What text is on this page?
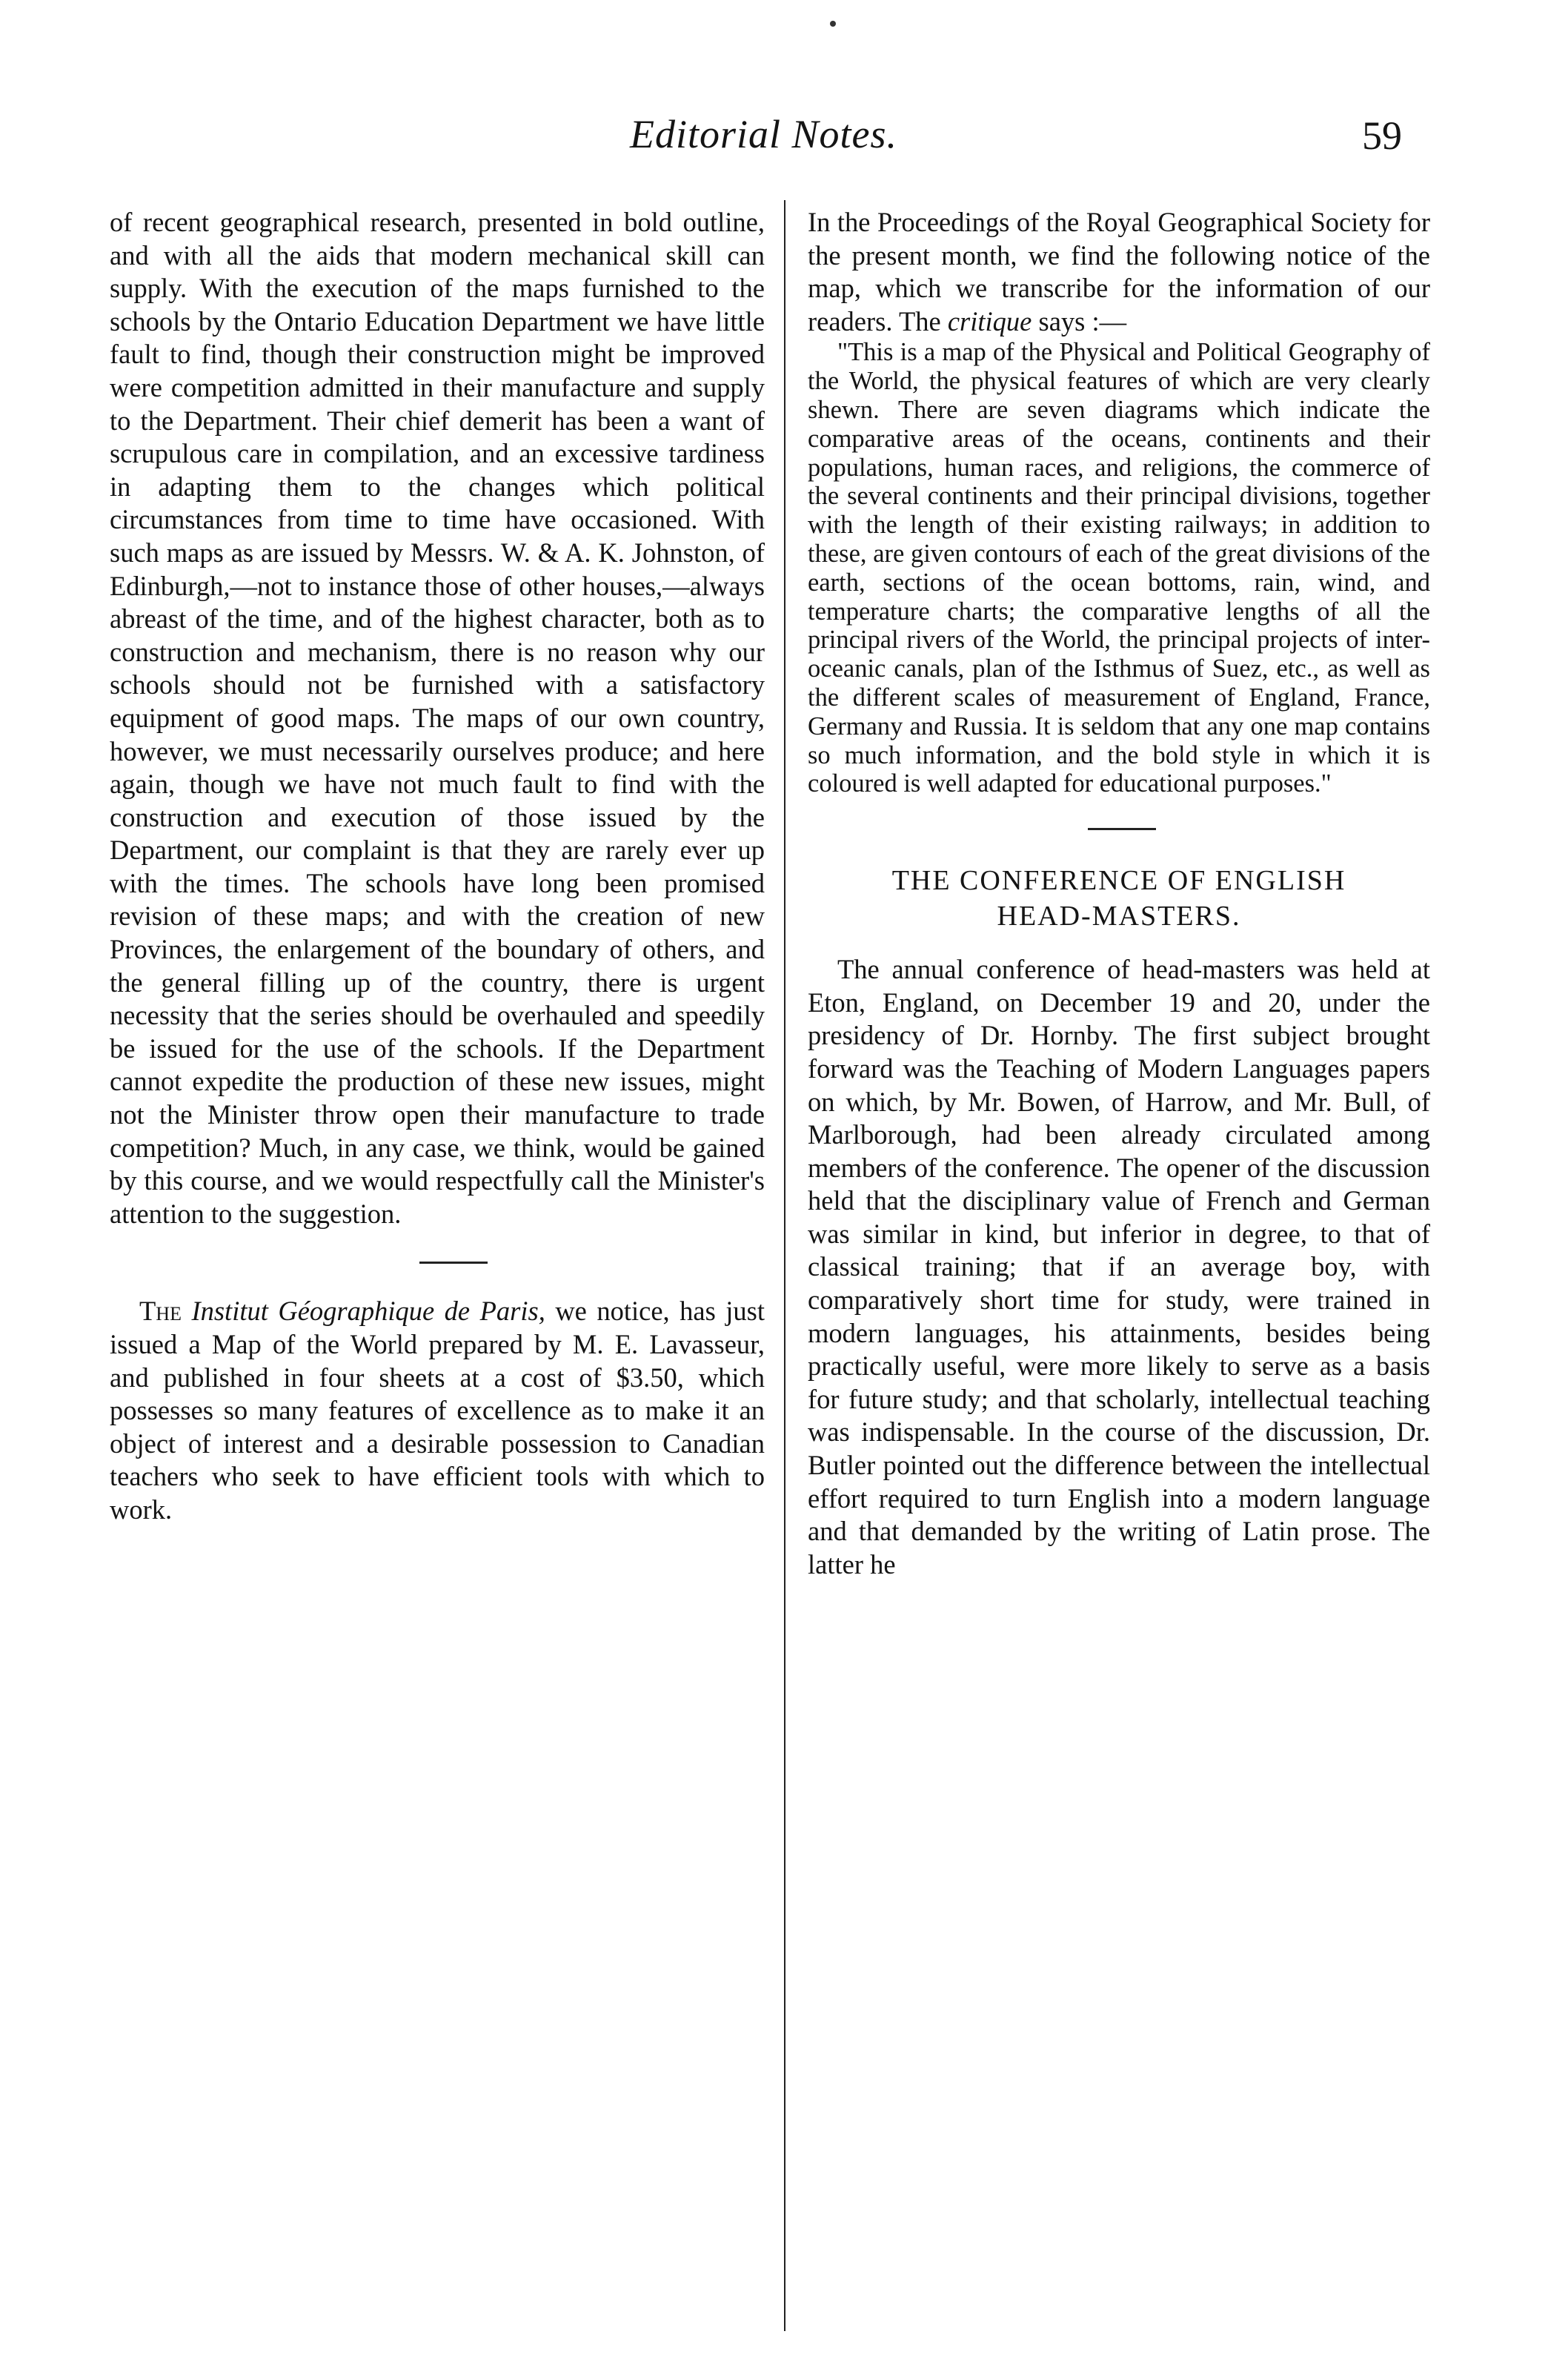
Editorial Notes.	59

of recent geographical research, presented in bold outline, and with all the aids that modern mechanical skill can supply. With the execution of the maps furnished to the schools by the Ontario Education Department we have little fault to find, though their construction might be improved were competition admitted in their manufacture and supply to the Department. Their chief demerit has been a want of scrupulous care in compilation, and an excessive tardiness in adapting them to the changes which political circumstances from time to time have occasioned. With such maps as are issued by Messrs. W. & A. K. Johnston, of Edinburgh,—not to instance those of other houses,—always abreast of the time, and of the highest character, both as to construction and mechanism, there is no reason why our schools should not be furnished with a satisfactory equipment of good maps. The maps of our own country, however, we must necessarily ourselves produce; and here again, though we have not much fault to find with the construction and execution of those issued by the Department, our complaint is that they are rarely ever up with the times. The schools have long been promised revision of these maps; and with the creation of new Provinces, the enlargement of the boundary of others, and the general filling up of the country, there is urgent necessity that the series should be overhauled and speedily be issued for the use of the schools. If the Department cannot expedite the production of these new issues, might not the Minister throw open their manufacture to trade competition? Much, in any case, we think, would be gained by this course, and we would respectfully call the Minister's attention to the suggestion.

The Institut Géographique de Paris, we notice, has just issued a Map of the World prepared by M. E. Lavasseur, and published in four sheets at a cost of $3.50, which possesses so many features of excellence as to make it an object of interest and a desirable possession to Canadian teachers who seek to have efficient tools with which to work.

In the Proceedings of the Royal Geographical Society for the present month, we find the following notice of the map, which we transcribe for the information of our readers. The critique says :—

"This is a map of the Physical and Political Geography of the World, the physical features of which are very clearly shewn. There are seven diagrams which indicate the comparative areas of the oceans, continents and their populations, human races, and religions, the commerce of the several continents and their principal divisions, together with the length of their existing railways; in addition to these, are given contours of each of the great divisions of the earth, sections of the ocean bottoms, rain, wind, and temperature charts; the comparative lengths of all the principal rivers of the World, the principal projects of inter-oceanic canals, plan of the Isthmus of Suez, etc., as well as the different scales of measurement of England, France, Germany and Russia. It is seldom that any one map contains so much information, and the bold style in which it is coloured is well adapted for educational purposes."

THE CONFERENCE OF ENGLISH
HEAD-MASTERS.

The annual conference of head-masters was held at Eton, England, on December 19 and 20, under the presidency of Dr. Hornby. The first subject brought forward was the Teaching of Modern Languages papers on which, by Mr. Bowen, of Harrow, and Mr. Bull, of Marlborough, had been already circulated among members of the conference. The opener of the discussion held that the disciplinary value of French and German was similar in kind, but inferior in degree, to that of classical training; that if an average boy, with comparatively short time for study, were trained in modern languages, his attainments, besides being practically useful, were more likely to serve as a basis for future study; and that scholarly, intellectual teaching was indispensable. In the course of the discussion, Dr. Butler pointed out the difference between the intellectual effort required to turn English into a modern language and that demanded by the writing of Latin prose. The latter he
